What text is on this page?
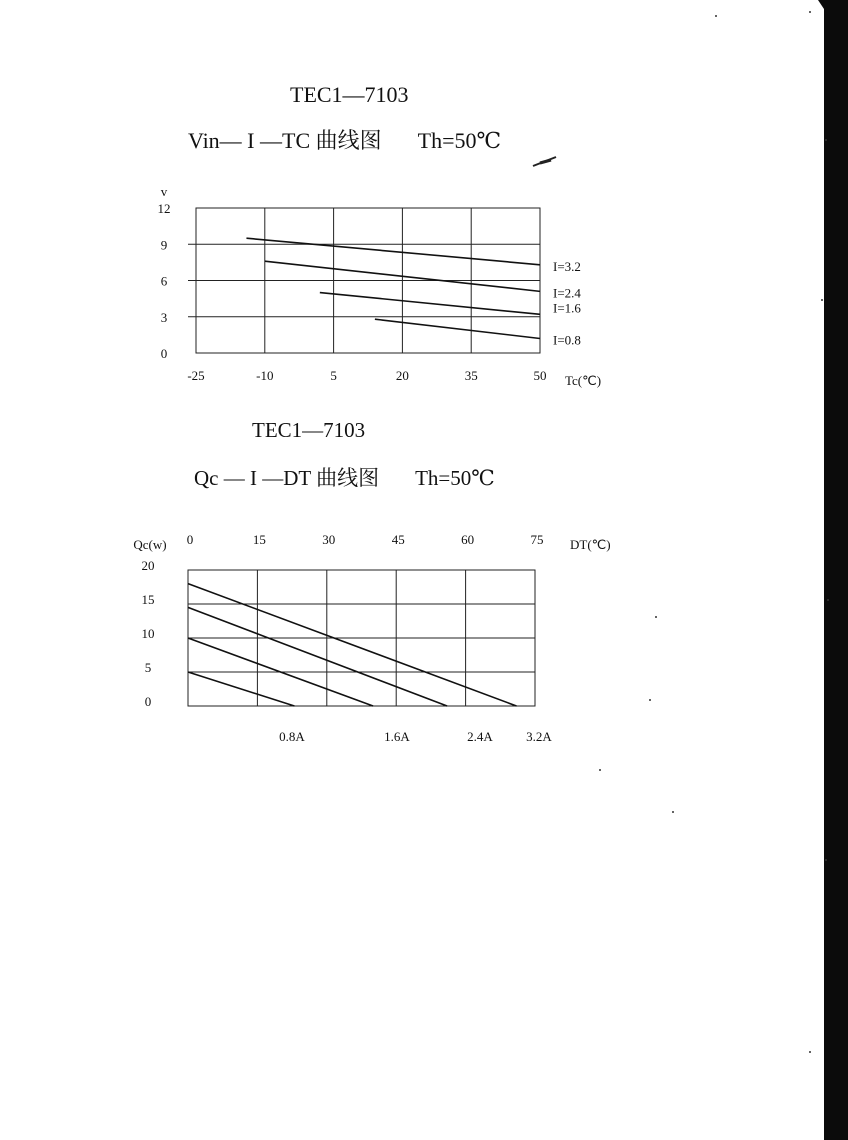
TEC1—7103
Vin— I —TC 曲线图 Th=50℃
TEC1—7103
Qc — I —DT 曲线图 Th=50℃
-25	-10	5	20	35	50
12
9
6
3
0
Tc(℃)
v
I=3.2
I=2.4
I=1.6
I=0.8
0	15	30	45	60	75
20
15
10
5
0
DT(℃)
Qc(w)
3.2A
2.4A
1.6A
0.8A
